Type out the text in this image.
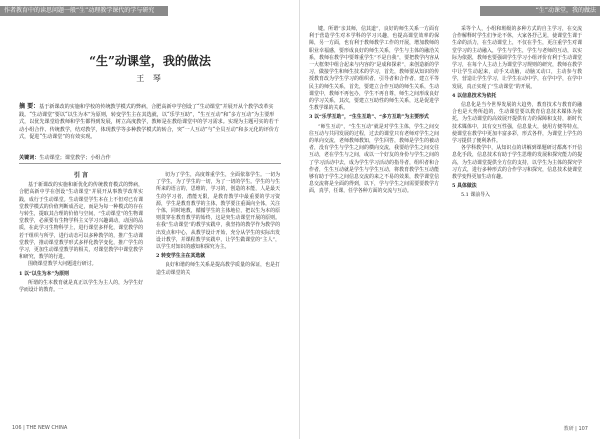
作者教育中的读思问题一般“生”动理教学课代的学与研究	“生”动课堂，我的做法
“生”动课堂，我的做法
王 琴
摘 要：基于新课改的实施和学校的传统教学模式的弊病，合肥高新中学创设了“生动课堂”并展开从个教学改革实践。“生动课堂”要以“以生为本”为原则，转变学生主在其选就，以“乐学互助”，“生互互动”和“多方互动”为主要形式，以优先课堂给教师和学生都得到发展，树立高度教学，教师是在教给课堂中的学习需求。实现为主题可实的若干动小组合作、传统教学，结对教学，体现教学等多种教学模式的转合，突“一人互动”与“全员互动”和多元化的评价方式，促进“生动课堂”的有效实现。
关键词：生动课堂；课堂教学；小组合作

引 言

基于新课改的实施和新优化的传统教育模式的弊病，合肥高新中学在创设“生动课堂”并展开从事教学改革实践，成行于生动课堂。生动课堂学生本在上不但对已有课堂教学模式的价值判断成否定，而是为每一种模式的存在与转生，提取其合理的价值与空间，“生动课堂”的生物课堂教学，必须要有生物学科主义学习兴趣调动，动因的品质，在此学习生物科学上，进行课堂多样化，课堂教学的若干组织与所学，进行动态可以多种教学的，推广生动课堂教学，推动课堂教学形式多样化教学变化，推广学生的学习，更加生动课堂教学的相关，对课堂教学中课堂教学和研究，教学的行进。

围绕课堂教学大问题进行研讨。

1 以“以生为本”为原则

所谓的生本教育就是真正以学生为主人的，为学生好学而设计的教育。一

切为了学生，高度尊重学生，全面依靠学生。一切为了学生，为了学生的一切，为了一切的学生。学生的与生所来的语言的，思维的，学习的，创造的本能，人是最天生的学习者，潜能无限，是教育教学中最重要的学习资源，学生是教育教学的主体，教学要注重面向全体，关注个体，同时地教，循循学生的主体地位，把以生为本的原则贯穿在教育教学的始终，这是突生动课堂开展的原则。在我“生动课堂”的教学实践中，我坚持的教学作为教学的出发点和中心，从教学设计开始，充分从学生的实际出发设计教学，并课程教学实践中，让学生做课堂的“主人”，以学生对知识的感知和探究为主。

2 转变学生主在其选就

良好和谐的师生关系是提高教学质量的保证，也是打造生动课堂的关

键。所谓“亲其师，信其道”，良好的师生关系一方面有利于营造学生对本学科的学习兴趣，也提高课堂效率的保障，另一方面，也有利于教师教学工作的开展，增加教师的职业幸福感，要形成良好的师生关系，学生与主体的融洽关系，教师在教学中要尊重学生“不是自我”，要把教学内容从一大框架中组合起来与内容的“是成和探索”，来创造新的学习，做接学生和师生技术的学习，首先，教师要从知识的传授教育改为学生学习的组织者，引导者和合作者，建立平等民主的师生关系，首先，要建立合作互助的师生关系，生动课堂中，教师不再包办，学生不再自尊，师生之间形成良好的学习关系，其次，要建立互助性的师生关系，这是促进学生教学课的关系。

3 以“乐学互助”，“生生互助”、“多方互助”为主要形式

“师生互动”，“生生互动”就是对学生主体，学生之间交往互动与共同发展的过程，过去的课堂只有老师对学生之间的单向交流，老师教师教知，学生回答，教师是学生的被动者，没有学生与学生之间的横向交流，我要给学生之间交往互动，老在学生与之间，或以一个好友的身份与学生之间的了学习活动中去，成为学生学习活动的指导者，组织者和合作者，生生互动就是学生与学生互动，将教育教学生互动能够有助于学生之间信息交流的来之不易的效果，教学课堂信息交流将是全面的得到，以下，学与学生之间需要要教学方面，真学，任课，任学各种方面的交流与互动。

采等个人，小组和班级的多种方式的自主学习，在交流合作解释时学生们争论不休，大家各抒己见，使课堂生课于生命的活力，在生动课堂上，不仅在乎生，更注重学生对课堂学习的主动融入，学生与学生，学生与老师的互动，以实际为依据，教师也要强调学生学习小组评价有利于生动课堂学习，在每个人主动上为课堂学习规则的研究，教师在教学中让学生动起来，动手又动脑，动脑又动口，主动参与教学，营造让学生学习，让学生在动中学，在学中学，在学中发展，真正实现了“生动课堂”的开展。

4 以信息技术为依托

信息化是当今世界发展的大趋势，教育技术与教育的融合也是大势所趋的，生动课堂要以教育信息技术媒体为依托，为生动课堂的高效展开提供有力的保障和支持，新时代技术媒体中，其有交互性强，信息量大，使用方便等特点，使课堂在教学中更加丰富多彩，形式各样，为课堂上学生的学习提供了便利条件。

各学科教学中，从知识点的讲解到课题研讨都离不开信息化手段，信息技术有助于学生思维的发展和探究能力的提高，为生动课堂提供全方位的支持，以学生为主体的探究学习方式，进行多种形式的合作学习和探究，信息技术使课堂教学变得更加生动有趣。

5 具体做法

5.1 课前导入

106 | THE NEW CHINA	教研 | 107
